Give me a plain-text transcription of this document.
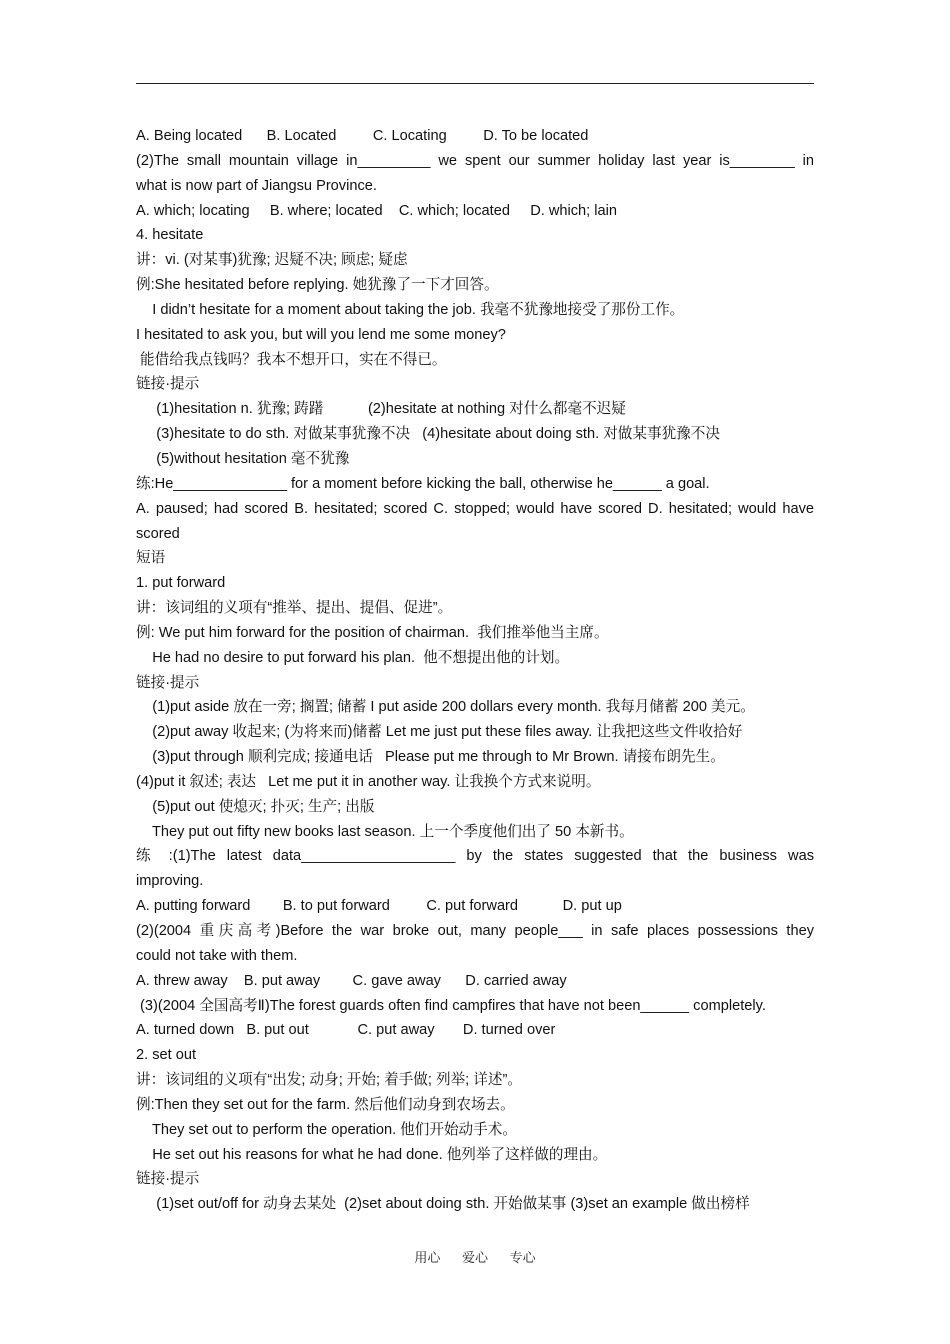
A. Being located      B. Located         C. Locating         D. To be located
(2)The small mountain village in_________ we spent our summer holiday last year is________ in
what is now part of Jiangsu Province.
A. which; locating     B. where; located    C. which; located     D. which; lain
4. hesitate
讲：vi. (对某事)犹豫; 迟疑不决; 顾虑; 疑虑
例:She hesitated before replying. 她犹豫了一下才回答。
I didn’t hesitate for a moment about taking the job. 我毫不犹豫地接受了那份工作。
I hesitated to ask you, but will you lend me some money?
能借给我点钱吗？我本不想开口，实在不得已。
链接·提示
(1)hesitation n. 犹豫; 踌躇           (2)hesitate at nothing 对什么都毫不迟疑
(3)hesitate to do sth. 对做某事犹豫不决   (4)hesitate about doing sth. 对做某事犹豫不决
(5)without hesitation 毫不犹豫
练:He______________ for a moment before kicking the ball, otherwise he______ a goal.
A. paused; had scored B. hesitated; scored C. stopped; would have scored D. hesitated; would have
scored
短语
1. put forward
讲：该词组的义项有“推举、提出、提倡、促进”。
例: We put him forward for the position of chairman.  我们推举他当主席。
He had no desire to put forward his plan.  他不想提出他的计划。
链接·提示
(1)put aside 放在一旁; 搁置; 储蓄 I put aside 200 dollars every month. 我每月储蓄 200 美元。
(2)put away 收起来; (为将来而)储蓄 Let me just put these files away. 让我把这些文件收拾好
(3)put through 顺利完成; 接通电话   Please put me through to Mr Brown. 请接布朗先生。
(4)put it 叙述; 表达   Let me put it in another way. 让我换个方式来说明。
(5)put out 使熄灭; 扑灭; 生产; 出版
They put out fifty new books last season. 上一个季度他们出了 50 本新书。
练 :(1)The latest data___________________ by the states suggested that the business was
improving.
A. putting forward        B. to put forward         C. put forward           D. put up
(2)(2004 重庆高考)Before the war broke out, many people___ in safe places possessions they
could not take with them.
A. threw away    B. put away        C. gave away      D. carried away
(3)(2004 全国高考Ⅱ)The forest guards often find campfires that have not been______ completely.
A. turned down   B. put out            C. put away       D. turned over
2. set out
讲：该词组的义项有“出发; 动身; 开始; 着手做; 列举; 详述”。
例:Then they set out for the farm. 然后他们动身到农场去。
They set out to perform the operation. 他们开始动手术。
He set out his reasons for what he had done. 他列举了这样做的理由。
链接·提示
(1)set out/off for 动身去某处  (2)set about doing sth. 开始做某事 (3)set an example 做出榜样
用心      爱心      专心
